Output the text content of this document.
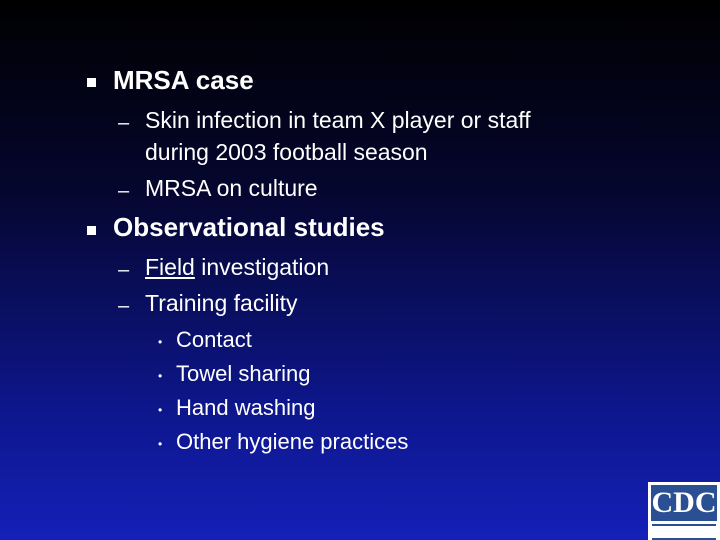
MRSA case
– Skin infection in team X player or staff
during 2003 football season
– MRSA on culture
Observational studies
– Field investigation
– Training facility
• Contact
• Towel sharing
• Hand washing
• Other hygiene practices
CDC
